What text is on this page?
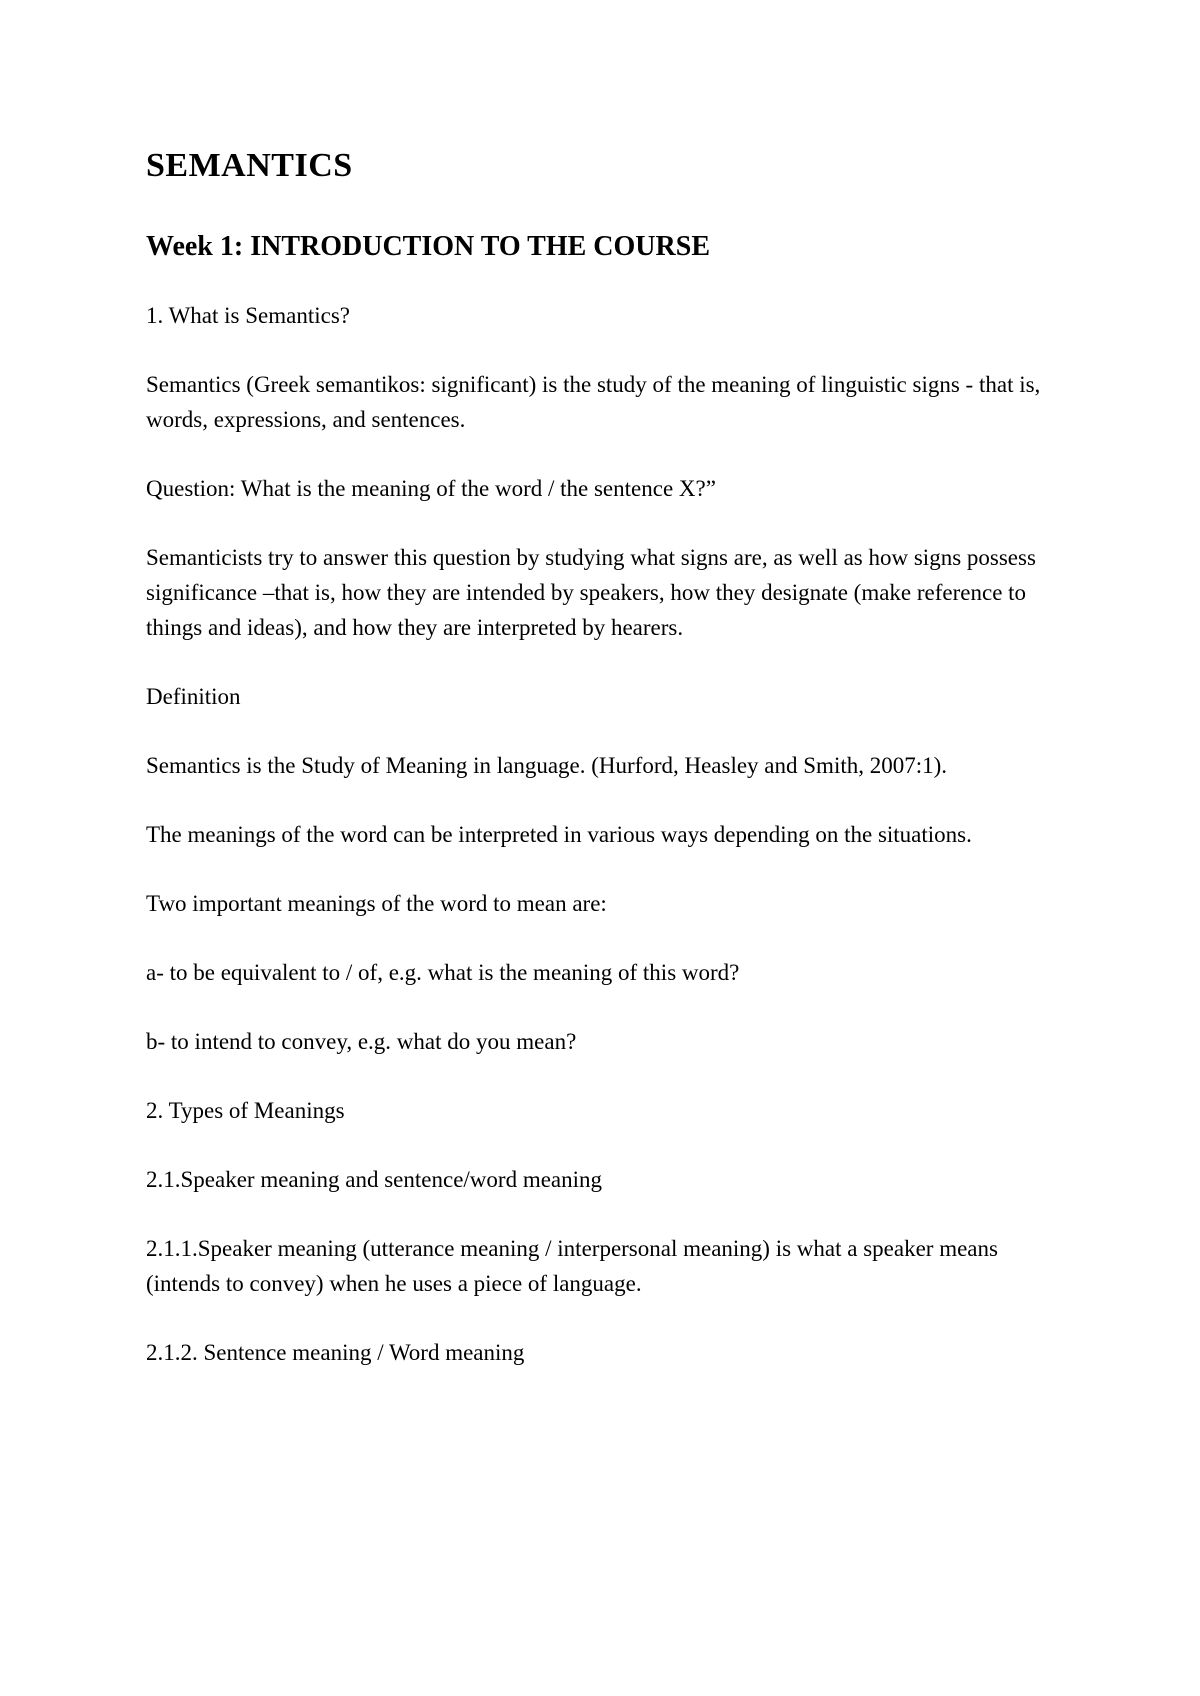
SEMANTICS
Week 1: INTRODUCTION TO THE COURSE

1. What is Semantics?

Semantics (Greek semantikos: significant) is the study of the meaning of linguistic signs - that is, words, expressions, and sentences.

Question: What is the meaning of the word / the sentence X?”

Semanticists try to answer this question by studying what signs are, as well as how signs possess significance –that is, how they are intended by speakers, how they designate (make reference to things and ideas), and how they are interpreted by hearers.

Definition

Semantics is the Study of Meaning in language. (Hurford, Heasley and Smith, 2007:1).

The meanings of the word can be interpreted in various ways depending on the situations.

Two important meanings of the word to mean are:

a- to be equivalent to / of, e.g. what is the meaning of this word?

b- to intend to convey, e.g. what do you mean?

2. Types of Meanings

2.1.Speaker meaning and sentence/word meaning

2.1.1.Speaker meaning (utterance meaning / interpersonal meaning) is what a speaker means (intends to convey) when he uses a piece of language.

2.1.2. Sentence meaning / Word meaning
